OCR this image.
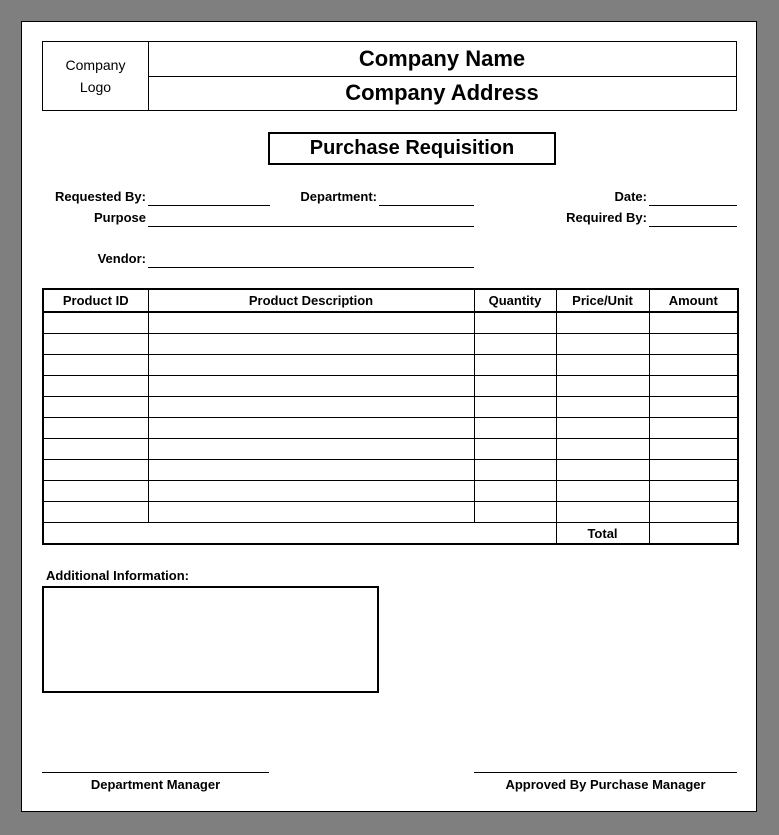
Company Logo
Company Name
Company Address
Purchase Requisition
Requested By:	Department:	Date:
Purpose	Required By:
Vendor:
Product ID	Product Description	Quantity	Price/Unit	Amount

			Total	
Additional Information:
Department Manager	Approved By Purchase Manager
